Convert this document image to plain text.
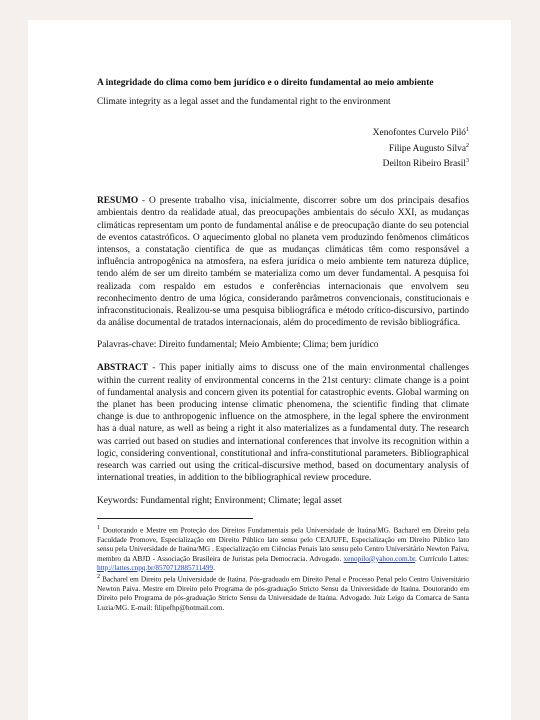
A integridade do clima como bem jurídico e o direito fundamental ao meio ambiente

Climate integrity as a legal asset and the fundamental right to the environment

Xenofontes Curvelo Piló$^1$
Filipe Augusto Silva$^2$
Deilton Ribeiro Brasil$^3$

RESUMO - O presente trabalho visa, inicialmente, discorrer sobre um dos principais desafios ambientais dentro da realidade atual, das preocupações ambientais do século XXI, as mudanças climáticas representam um ponto de fundamental análise e de preocupação diante do seu potencial de eventos catastróficos. O aquecimento global no planeta vem produzindo fenômenos climáticos intensos, a constatação científica de que as mudanças climáticas têm como responsável a influência antropogênica na atmosfera, na esfera jurídica o meio ambiente tem natureza dúplice, tendo além de ser um direito também se materializa como um dever fundamental. A pesquisa foi realizada com respaldo em estudos e conferências internacionais que envolvem seu reconhecimento dentro de uma lógica, considerando parâmetros convencionais, constitucionais e infraconstitucionais. Realizou-se uma pesquisa bibliográfica e método crítico-discursivo, partindo da análise documental de tratados internacionais, além do procedimento de revisão bibliográfica.

Palavras-chave: Direito fundamental; Meio Ambiente; Clima; bem jurídico

ABSTRACT - This paper initially aims to discuss one of the main environmental challenges within the current reality of environmental concerns in the 21st century: climate change is a point of fundamental analysis and concern given its potential for catastrophic events. Global warming on the planet has been producing intense climatic phenomena, the scientific finding that climate change is due to anthropogenic influence on the atmosphere, in the legal sphere the environment has a dual nature, as well as being a right it also materializes as a fundamental duty. The research was carried out based on studies and international conferences that involve its recognition within a logic, considering conventional, constitutional and infra-constitutional parameters. Bibliographical research was carried out using the critical-discursive method, based on documentary analysis of international treaties, in addition to the bibliographical review procedure.

Keywords: Fundamental right; Environment; Climate; legal asset

$^1$ Doutorando e Mestre em Proteção dos Direitos Fundamentais pela Universidade de Itaúna/MG. Bacharel em Direito pela Faculdade Promove, Especialização em Direito Público lato sensu pelo CEAJUFE, Especialização em Direito Público lato sensu pela Universidade de Itaúna/MG . Especialização em Ciências Penais lato sensu pelo Centro Universitário Newton Paiva, membro da ABJD - Associação Brasileira de Juristas pela Democracia. Advogado. xenopilo@yahoo.com.br. Currículo Lattes: http://lattes.cnpq.br/8570712885711499.

$^2$ Bacharel em Direito pela Universidade de Itaúna. Pós-graduado em Direito Penal e Processo Penal pelo Centro Universitário Newton Paiva. Mestre em Direito pelo Programa de pós-graduação Stricto Sensu da Universidade de Itaúna. Doutorando em Direito pelo Programa de pós-graduação Stricto Sensu da Universidade de Itaúna. Advogado. Juiz Leigo da Comarca de Santa Luzia/MG. E-mail: filipefhp@hotmail.com.
